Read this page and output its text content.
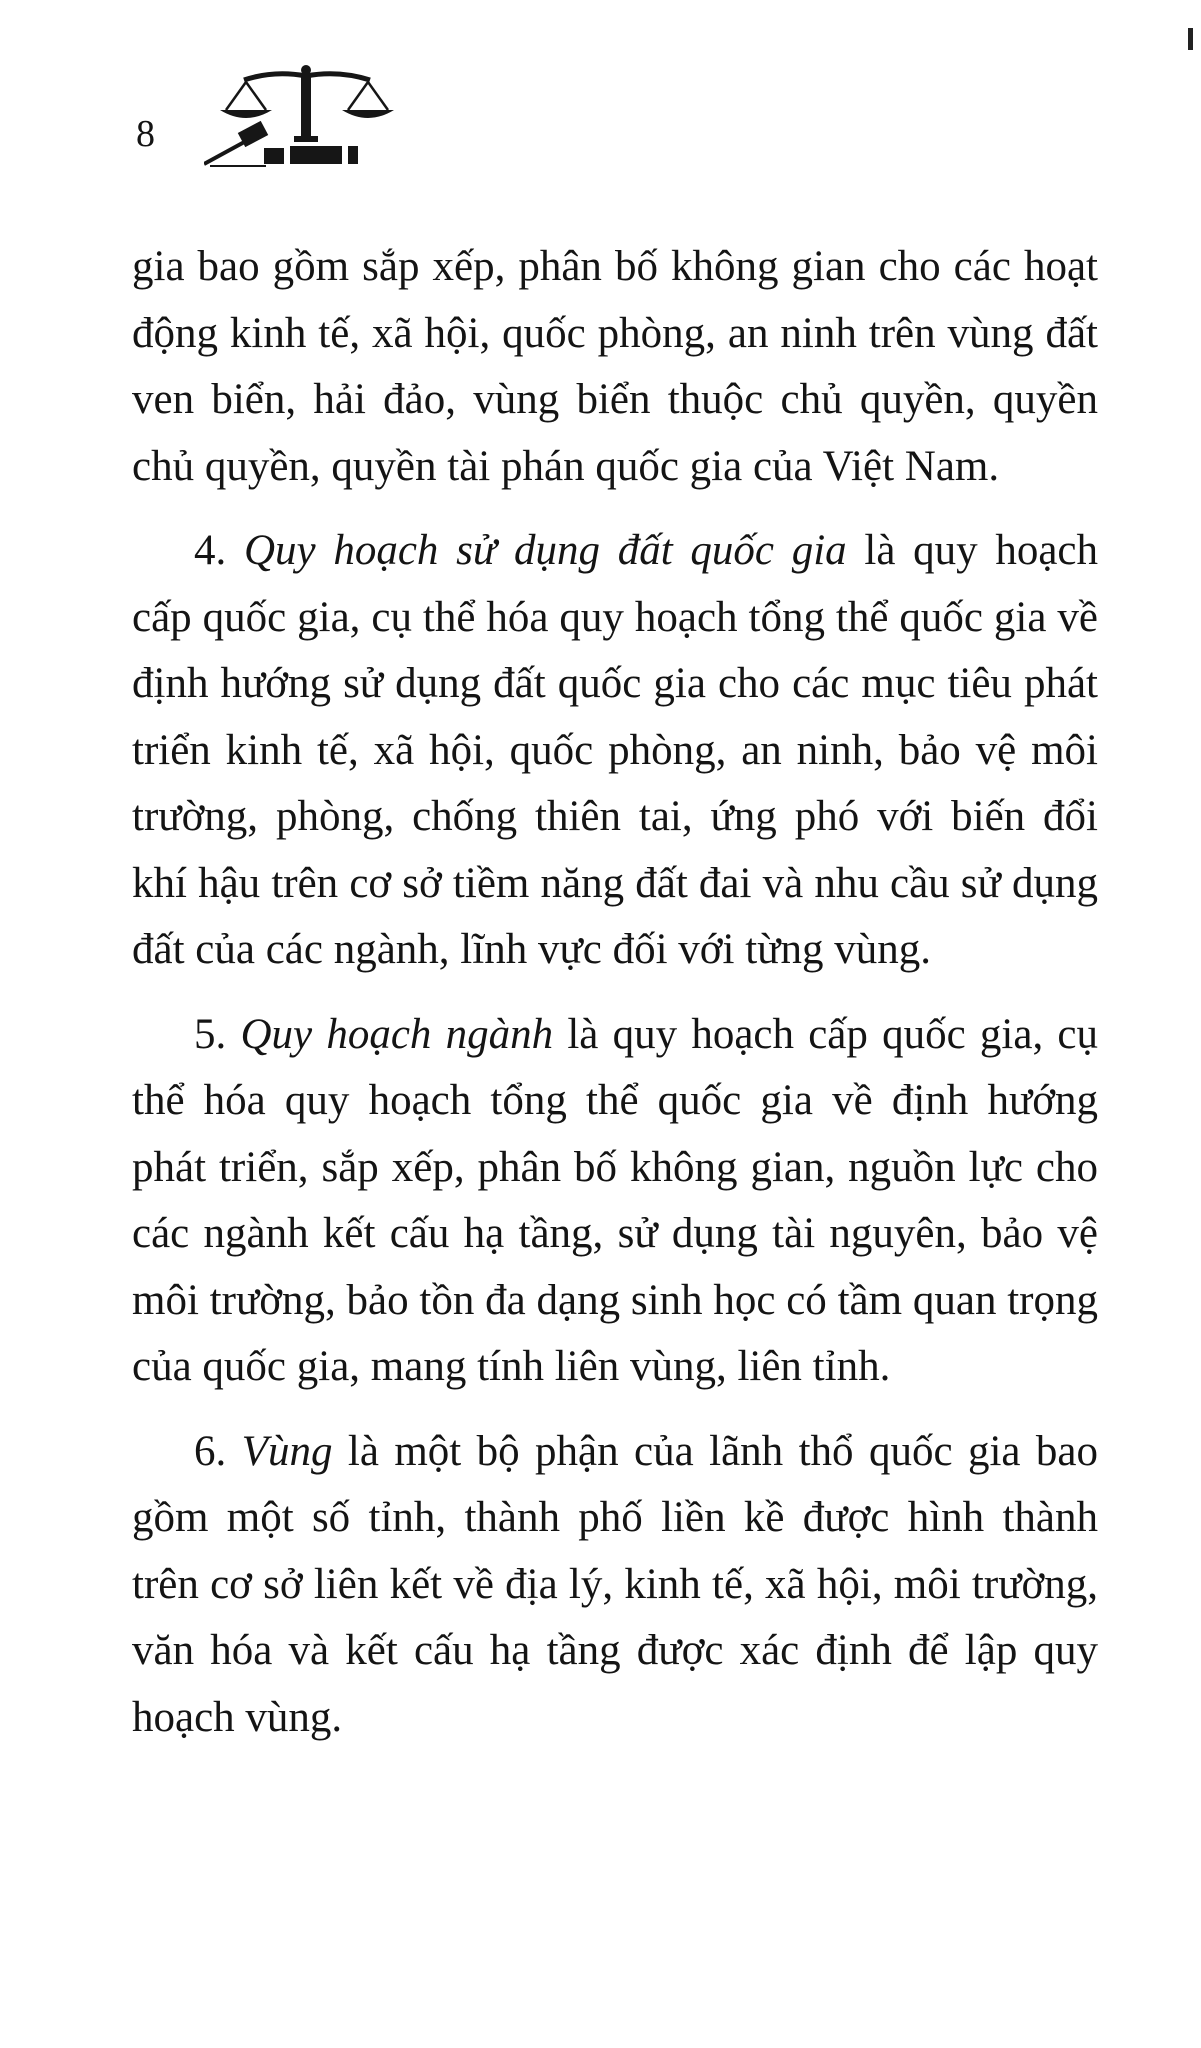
8

gia bao gồm sắp xếp, phân bố không gian cho các hoạt động kinh tế, xã hội, quốc phòng, an ninh trên vùng đất ven biển, hải đảo, vùng biển thuộc chủ quyền, quyền chủ quyền, quyền tài phán quốc gia của Việt Nam.

4. Quy hoạch sử dụng đất quốc gia là quy hoạch cấp quốc gia, cụ thể hóa quy hoạch tổng thể quốc gia về định hướng sử dụng đất quốc gia cho các mục tiêu phát triển kinh tế, xã hội, quốc phòng, an ninh, bảo vệ môi trường, phòng, chống thiên tai, ứng phó với biến đổi khí hậu trên cơ sở tiềm năng đất đai và nhu cầu sử dụng đất của các ngành, lĩnh vực đối với từng vùng.

5. Quy hoạch ngành là quy hoạch cấp quốc gia, cụ thể hóa quy hoạch tổng thể quốc gia về định hướng phát triển, sắp xếp, phân bố không gian, nguồn lực cho các ngành kết cấu hạ tầng, sử dụng tài nguyên, bảo vệ môi trường, bảo tồn đa dạng sinh học có tầm quan trọng của quốc gia, mang tính liên vùng, liên tỉnh.

6. Vùng là một bộ phận của lãnh thổ quốc gia bao gồm một số tỉnh, thành phố liền kề được hình thành trên cơ sở liên kết về địa lý, kinh tế, xã hội, môi trường, văn hóa và kết cấu hạ tầng được xác định để lập quy hoạch vùng.
